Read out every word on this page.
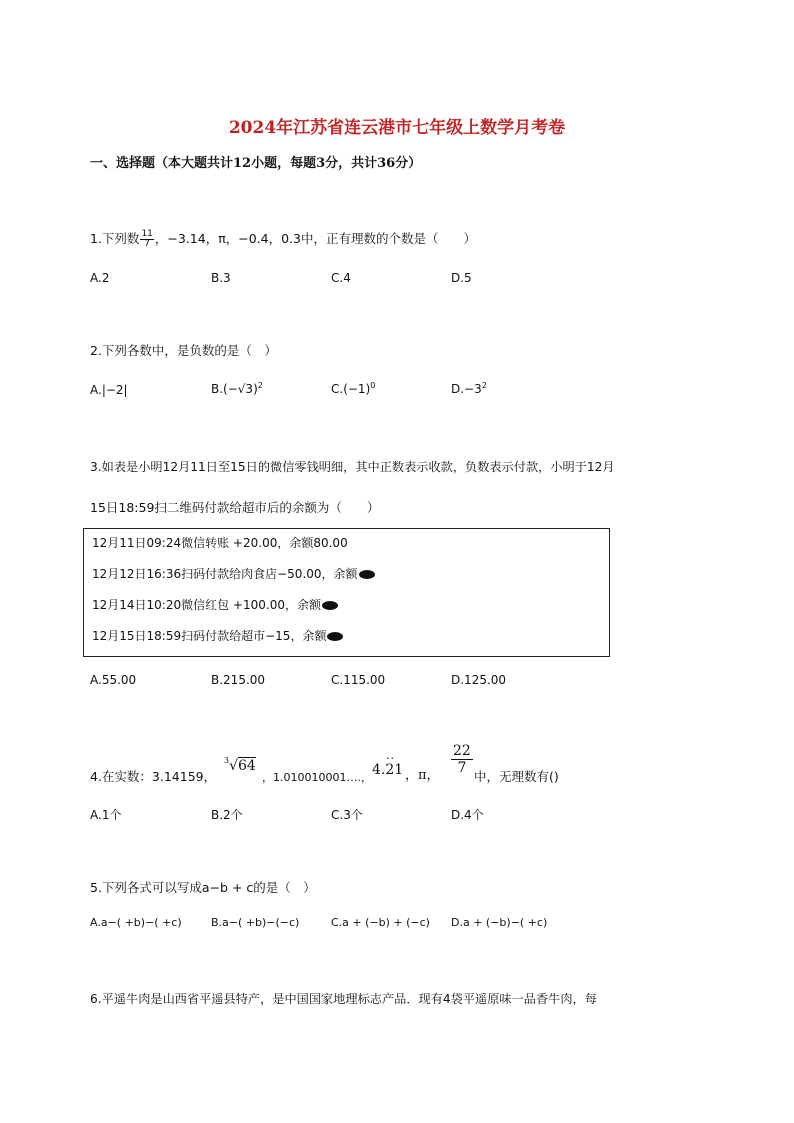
2024年江苏省连云港市七年级上数学月考卷
一、选择题（本大题共计12小题，每题3分，共计36分）
1.下列数 $\frac{11}{7}$ ，−3.14，π，−0.4，0.3中，正有理数的个数是（　　）
A.2	B.3	C.4	D.5
2.下列各数中，是负数的是（　）
A.|−2|	$B.(-√3)^2$	$C.(-1)^0$	$D.-3^2$
3.如表是小明12月11日至15日的微信零钱明细，其中正数表示收款，负数表示付款，小明于12月
15日18:59扫二维码付款给超市后的余额为（　　）
12月11日09:24微信转账 +20.00，余额80.00
12月12日16:36扫码付款给肉食店−50.00，余额
12月14日10:20微信红包 +100.00，余额
12月15日18:59扫码付款给超市−15，余额
A.55.00	B.215.00	C.115.00	D.125.00
4.在实数：3.14159，
$^3$√64
，1.010010001….，
··
4.21 ，π， $\frac{22}{7}$
中，无理数有()
A.1个	B.2个	C.3个	D.4个
5.下列各式可以写成a−b + c的是（　）
A.a−( +b)−( +c)	B.a−( +b)−(−c)	C.a + (−b) + (−c) D.a + (−b)−( +c)
6.平遥牛肉是山西省平遥县特产，是中国国家地理标志产品．现有4袋平遥原味一品香牛肉，每
